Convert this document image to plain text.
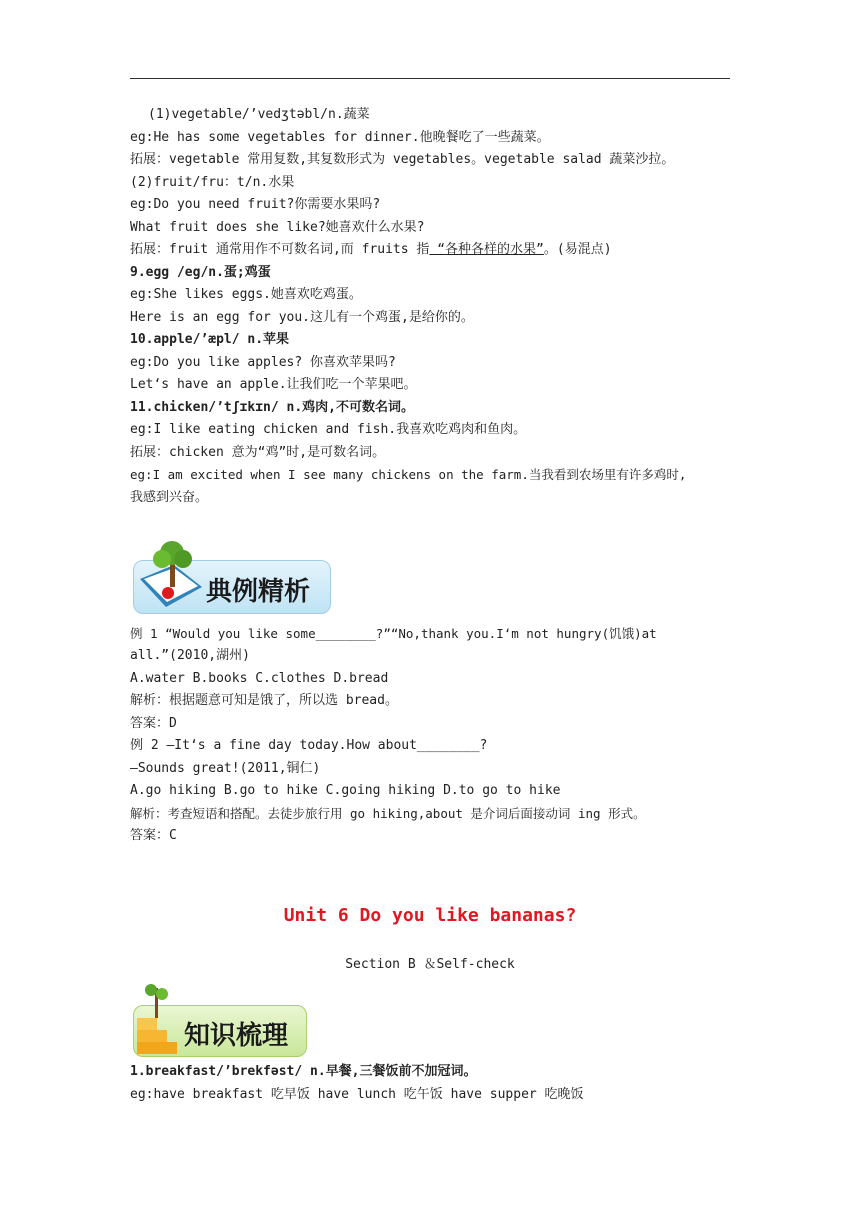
(1)vegetable/’vedʒtəbl/n.蔬菜
eg:He has some vegetables for dinner.他晚餐吃了一些蔬菜。
拓展：vegetable 常用复数,其复数形式为 vegetables。vegetable salad 蔬菜沙拉。
(2)fruit/fru：t/n.水果
eg:Do you need fruit?你需要水果吗?
What fruit does she like?她喜欢什么水果?
拓展：fruit 通常用作不可数名词,而 fruits 指 “各种各样的水果”。(易混点)
9.egg /eg/n.蛋;鸡蛋
eg:She likes eggs.她喜欢吃鸡蛋。
Here is an egg for you.这儿有一个鸡蛋,是给你的。
10.apple/’æpl/ n.苹果
eg:Do you like apples? 你喜欢苹果吗?
Let‘s have an apple.让我们吃一个苹果吧。
11.chicken/’tʃɪkɪn/ n.鸡肉,不可数名词。
eg:I like eating chicken and fish.我喜欢吃鸡肉和鱼肉。
拓展：chicken 意为“鸡”时,是可数名词。
eg:I am excited when I see many chickens on the farm.当我看到农场里有许多鸡时,
我感到兴奋。
典例精析
例 1 “Would you like some________?”“No,thank you.I‘m not hungry(饥饿)at
all.”(2010,湖州)
A.water B.books C.clothes D.bread
解析：根据题意可知是饿了，所以选 bread。
答案：D
例 2 —It‘s a fine day today.How about________?
—Sounds great!(2011,铜仁)
A.go hiking B.go to hike C.going hiking D.to go to hike
解析：考查短语和搭配。去徒步旅行用 go hiking,about 是介词后面接动词 ing 形式。
答案：C
Unit 6 Do you like bananas?
Section B ＆Self-check
知识梳理
1.breakfast/’brekfəst/ n.早餐,三餐饭前不加冠词。
eg:have breakfast 吃早饭 have lunch 吃午饭 have supper 吃晚饭
